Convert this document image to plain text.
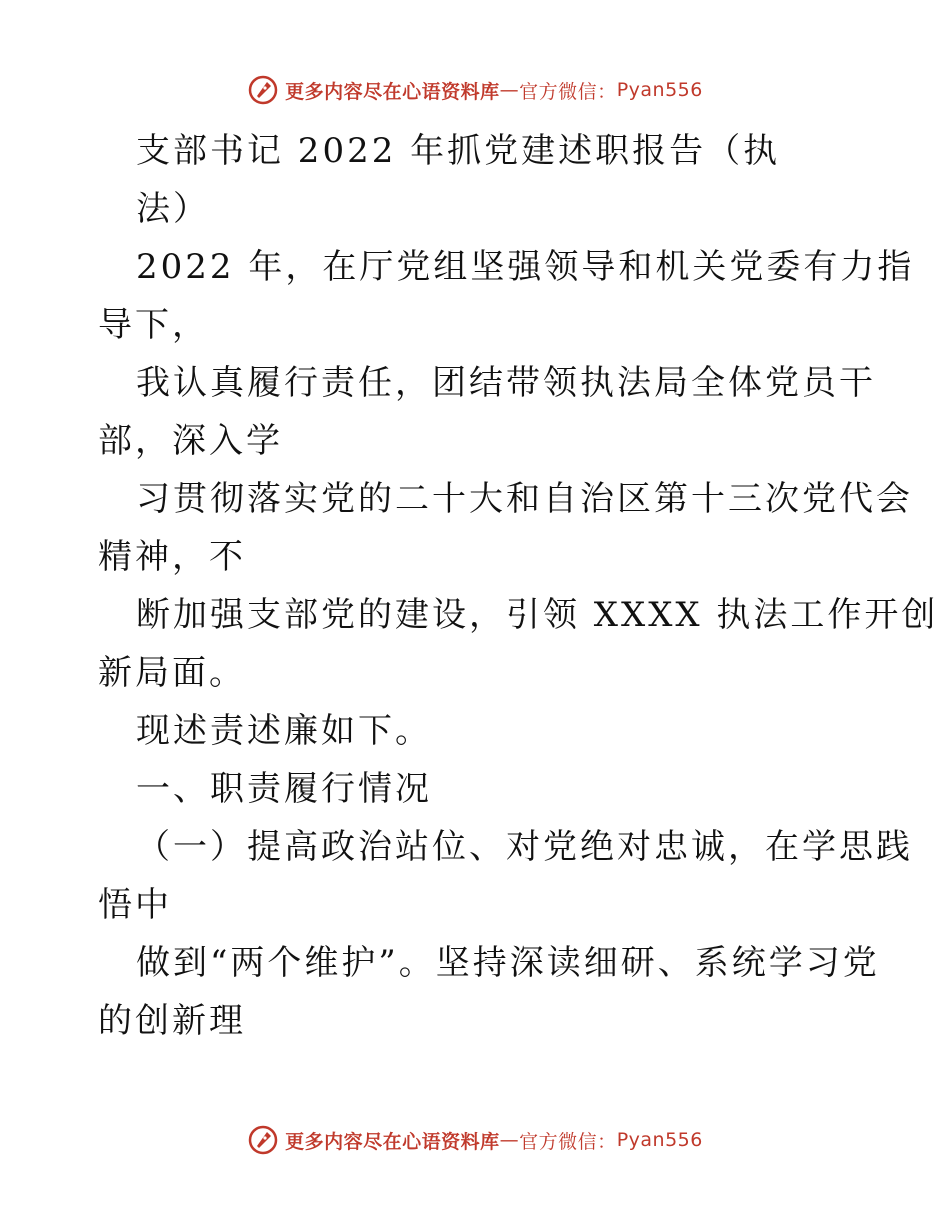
更多内容尽在心语资料库 — 官方微信： Pyan556
支部书记 2022 年抓党建述职报告（执
法）
2022 年，在厅党组坚强领导和机关党委有力指
导下，
我认真履行责任，团结带领执法局全体党员干
部，深入学
习贯彻落实党的二十大和自治区第十三次党代会
精神，不
断加强支部党的建设，引领 XXXX 执法工作开创
新局面。
现述责述廉如下。
一、职责履行情况
（一）提高政治站位、对党绝对忠诚，在学思践
悟中
做到“两个维护”。坚持深读细研、系统学习党
的创新理
更多内容尽在心语资料库 — 官方微信： Pyan556
